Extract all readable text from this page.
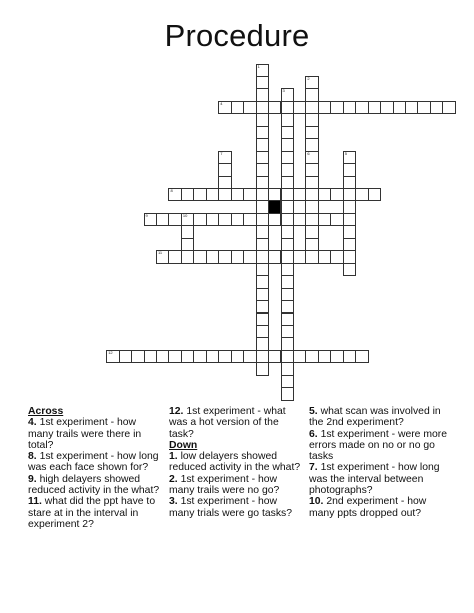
Procedure
1
2
3
4
5
6
7
8
9	10
11
12
Across
4. 1st experiment - how many trails were there in total?
8. 1st experiment - how long was each face shown for?
9. high delayers showed reduced activity in the what?
11. what did the ppt have to stare at in the interval in experiment 2?
12. 1st experiment - what was a hot version of the task?
Down
1. low delayers showed reduced activity in the what?
2. 1st experiment - how many trails were no go?
3. 1st experiment - how many trials were go tasks?
5. what scan was involved in the 2nd experiment?
6. 1st experiment - were more errors made on no or no go tasks
7. 1st experiment - how long was the interval between photographs?
10. 2nd experiment - how many ppts dropped out?
